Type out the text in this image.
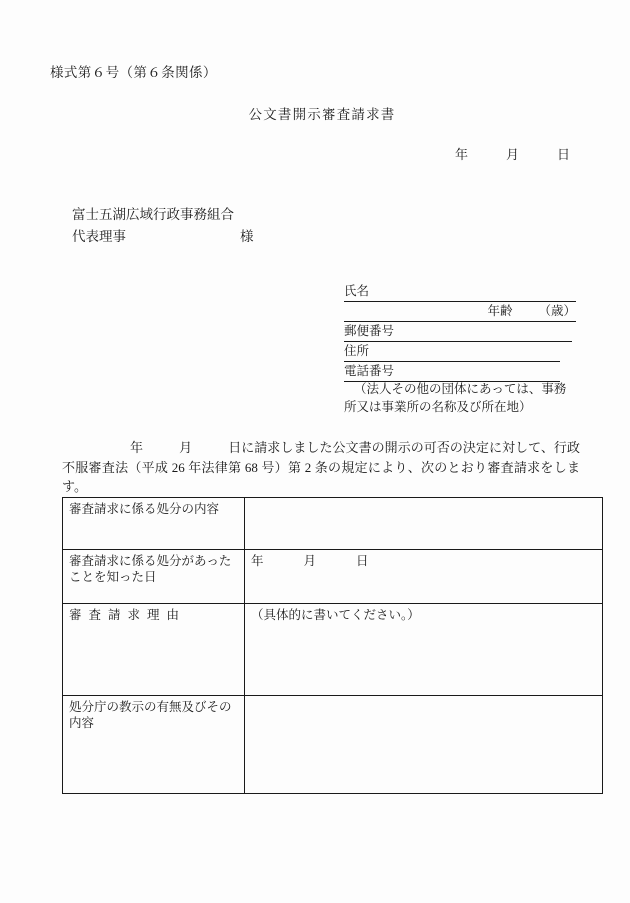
様式第６号（第６条関係）
公文書開示審査請求書
年	月	日
富士五湖広域行政事務組合
代表理事	様
氏名
年齢 （歳）
郵便番号
住所
電話番号
（法人その他の団体にあっては、事務
所又は事業所の名称及び所在地）
年	月	日に請求しました公文書の開示の可否の決定に対して、行政不服審査法（平成 26 年法律第 68 号）第 2 条の規定により、次のとおり審査請求をします。
審査請求に係る処分の内容	
審査請求に係る処分があったことを知った日	年 月 日
審査請求理由	（具体的に書いてください。）
処分庁の教示の有無及びその内容	
